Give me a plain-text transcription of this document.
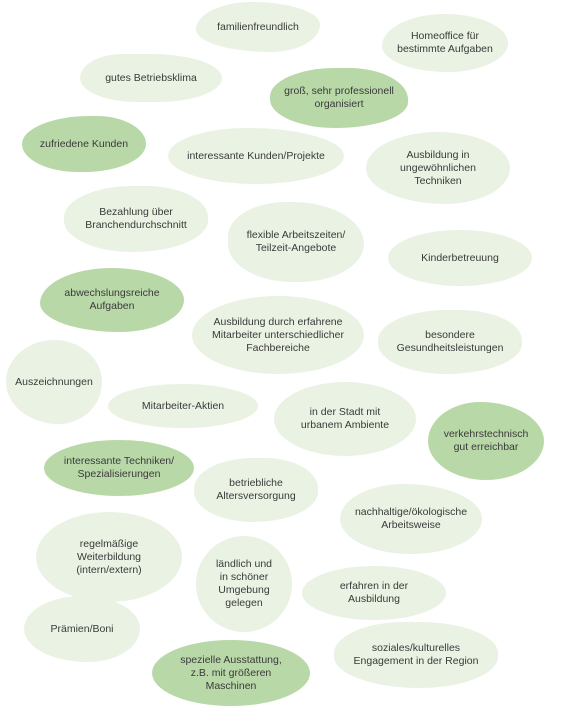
familienfreundlich
Homeoffice für
bestimmte Aufgaben
gutes Betriebsklima
groß, sehr professionell
organisiert
zufriedene Kunden
interessante Kunden/Projekte	Ausbildung in
ungewöhnlichen
Techniken
Bezahlung über
Branchendurchschnitt
flexible Arbeitszeiten/
Teilzeit-Angebote
Kinderbetreuung
abwechslungsreiche
Aufgaben
Ausbildung durch erfahrene
Mitarbeiter unterschiedlicher
Fachbereiche
besondere
Gesundheitsleistungen
Auszeichnungen
Mitarbeiter-Aktien
in der Stadt mit
urbanem Ambiente
verkehrstechnisch
gut erreichbar
interessante Techniken/
Spezialisierungen
betriebliche
Altersversorgung
nachhaltige/ökologische
Arbeitsweise
regelmäßige
Weiterbildung
(intern/extern)	ländlich und
in schöner
Umgebung
gelegen
erfahren in der
Ausbildung
Prämien/Boni
spezielle Ausstattung,
z.B. mit größeren
Maschinen
soziales/kulturelles
Engagement in der Region
